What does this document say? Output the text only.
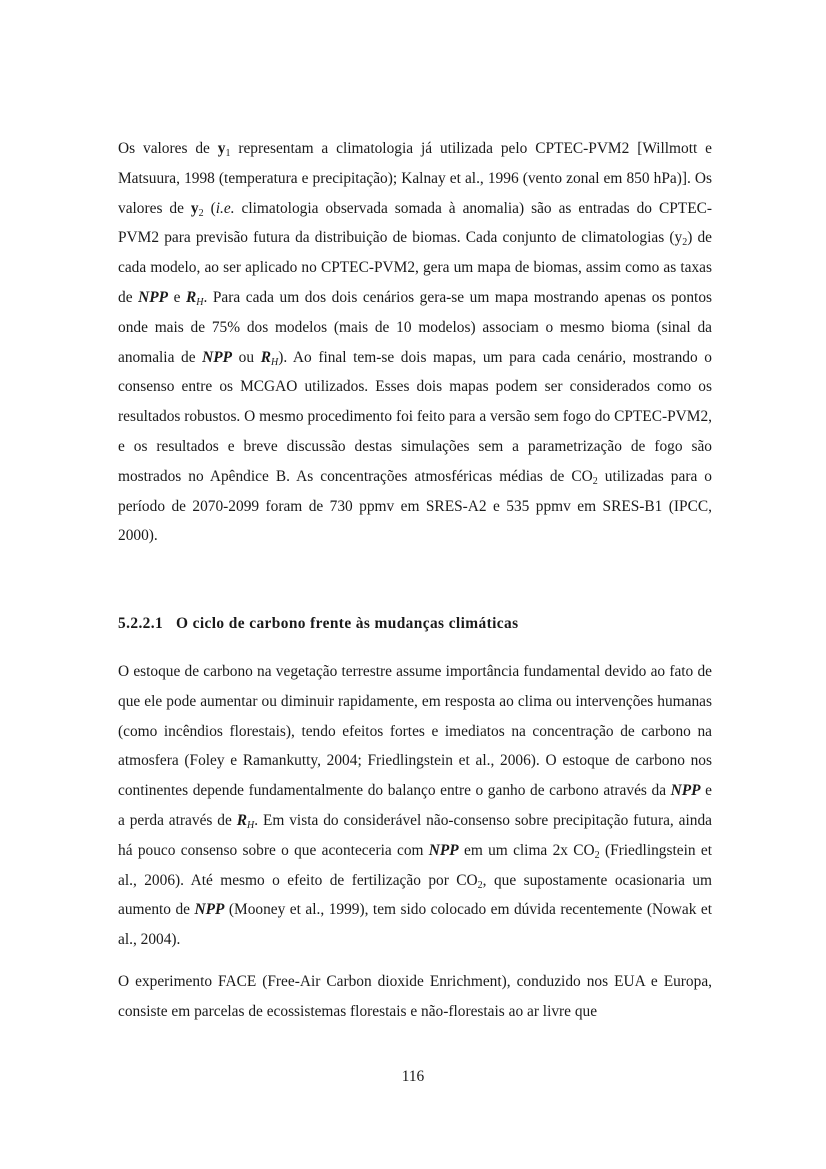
Os valores de $y_1$ representam a climatologia já utilizada pelo CPTEC-PVM2 [Willmott e Matsuura, 1998 (temperatura e precipitação); Kalnay et al., 1996 (vento zonal em 850 hPa)]. Os valores de $y_2$ (i.e. climatologia observada somada à anomalia) são as entradas do CPTEC-PVM2 para previsão futura da distribuição de biomas. Cada conjunto de climatologias $(y_2)$ de cada modelo, ao ser aplicado no CPTEC-PVM2, gera um mapa de biomas, assim como as taxas de NPP e $R_H$. Para cada um dos dois cenários gera-se um mapa mostrando apenas os pontos onde mais de 75% dos modelos (mais de 10 modelos) associam o mesmo bioma (sinal da anomalia de NPP ou $R_H$). Ao final tem-se dois mapas, um para cada cenário, mostrando o consenso entre os MCGAO utilizados. Esses dois mapas podem ser considerados como os resultados robustos. O mesmo procedimento foi feito para a versão sem fogo do CPTEC-PVM2, e os resultados e breve discussão destas simulações sem a parametrização de fogo são mostrados no Apêndice B. As concentrações atmosféricas médias de $CO_2$ utilizadas para o período de 2070-2099 foram de 730 ppmv em SRES-A2 e 535 ppmv em SRES-B1 (IPCC, 2000).

5.2.2.1 O ciclo de carbono frente às mudanças climáticas

O estoque de carbono na vegetação terrestre assume importância fundamental devido ao fato de que ele pode aumentar ou diminuir rapidamente, em resposta ao clima ou intervenções humanas (como incêndios florestais), tendo efeitos fortes e imediatos na concentração de carbono na atmosfera (Foley e Ramankutty, 2004; Friedlingstein et al., 2006). O estoque de carbono nos continentes depende fundamentalmente do balanço entre o ganho de carbono através da NPP e a perda através de $R_H$. Em vista do considerável não-consenso sobre precipitação futura, ainda há pouco consenso sobre o que aconteceria com NPP em um clima 2x $CO_2$ (Friedlingstein et al., 2006). Até mesmo o efeito de fertilização por $CO_2$, que supostamente ocasionaria um aumento de NPP (Mooney et al., 1999), tem sido colocado em dúvida recentemente (Nowak et al., 2004).

O experimento FACE (Free-Air Carbon dioxide Enrichment), conduzido nos EUA e Europa, consiste em parcelas de ecossistemas florestais e não-florestais ao ar livre que

116
